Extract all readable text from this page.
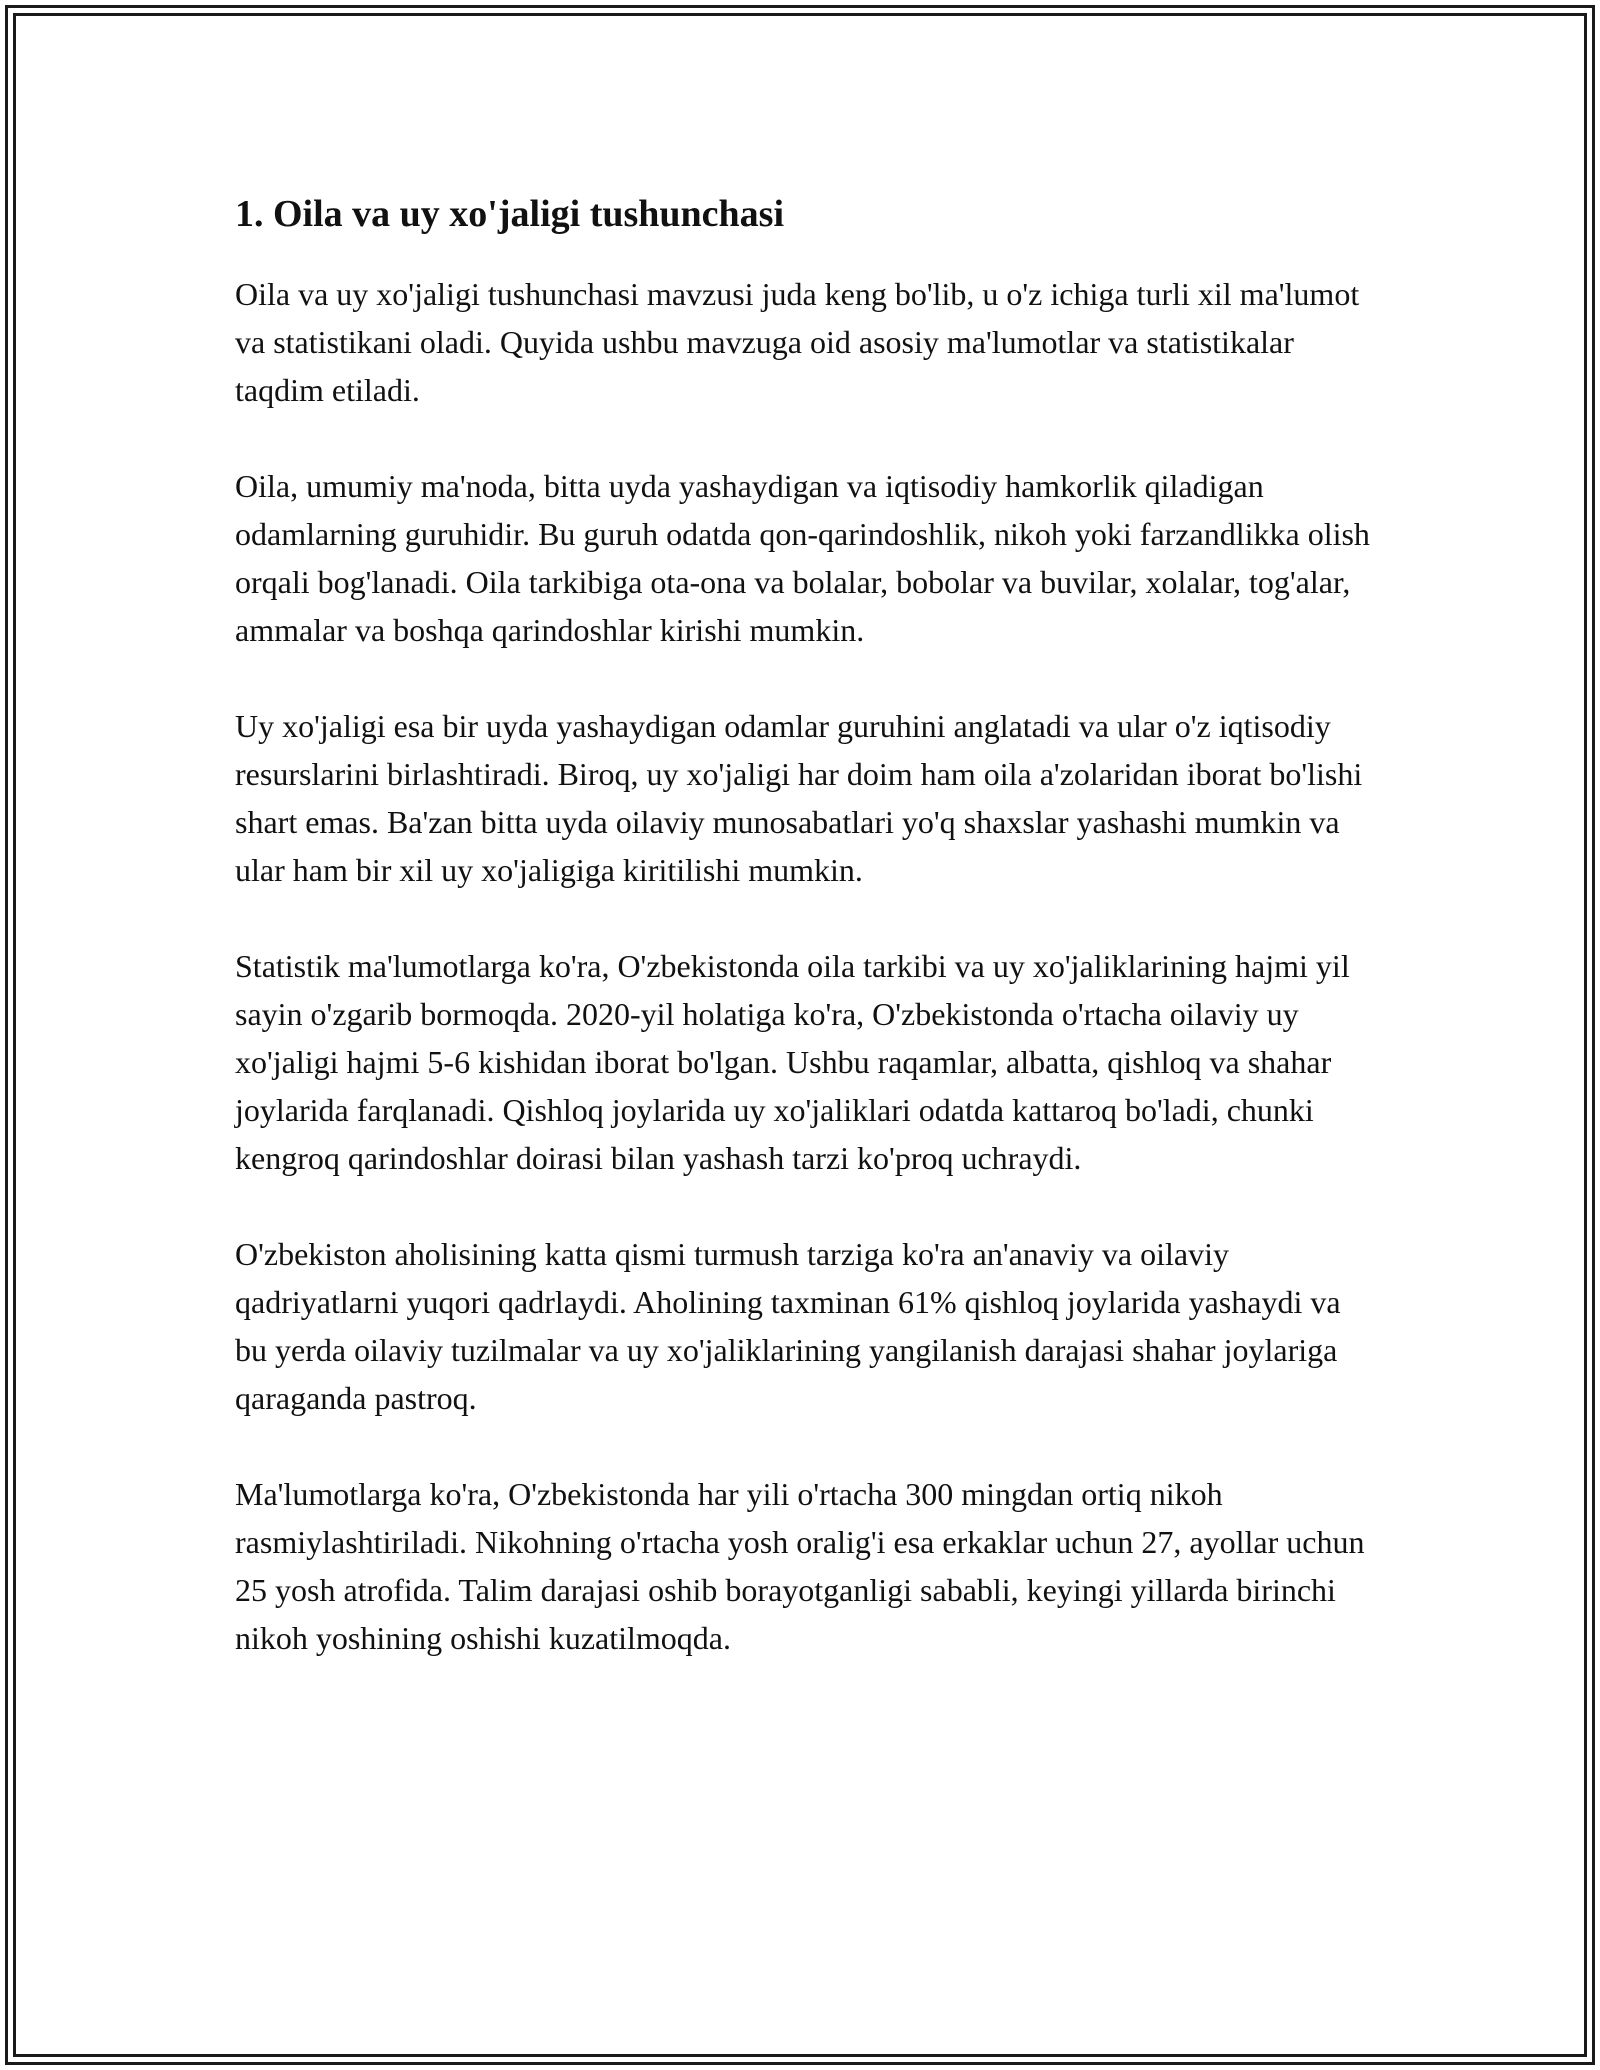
1. Oila va uy xo'jaligi tushunchasi

Oila va uy xo'jaligi tushunchasi mavzusi juda keng bo'lib, u o'z ichiga turli xil ma'lumot va statistikani oladi. Quyida ushbu mavzuga oid asosiy ma'lumotlar va statistikalar taqdim etiladi.

Oila, umumiy ma'noda, bitta uyda yashaydigan va iqtisodiy hamkorlik qiladigan odamlarning guruhidir. Bu guruh odatda qon-qarindoshlik, nikoh yoki farzandlikka olish orqali bog'lanadi. Oila tarkibiga ota-ona va bolalar, bobolar va buvilar, xolalar, tog'alar, ammalar va boshqa qarindoshlar kirishi mumkin.

Uy xo'jaligi esa bir uyda yashaydigan odamlar guruhini anglatadi va ular o'z iqtisodiy resurslarini birlashtiradi. Biroq, uy xo'jaligi har doim ham oila a'zolaridan iborat bo'lishi shart emas. Ba'zan bitta uyda oilaviy munosabatlari yo'q shaxslar yashashi mumkin va ular ham bir xil uy xo'jaligiga kiritilishi mumkin.

Statistik ma'lumotlarga ko'ra, O'zbekistonda oila tarkibi va uy xo'jaliklarining hajmi yil sayin o'zgarib bormoqda. 2020-yil holatiga ko'ra, O'zbekistonda o'rtacha oilaviy uy xo'jaligi hajmi 5-6 kishidan iborat bo'lgan. Ushbu raqamlar, albatta, qishloq va shahar joylarida farqlanadi. Qishloq joylarida uy xo'jaliklari odatda kattaroq bo'ladi, chunki kengroq qarindoshlar doirasi bilan yashash tarzi ko'proq uchraydi.

O'zbekiston aholisining katta qismi turmush tarziga ko'ra an'anaviy va oilaviy qadriyatlarni yuqori qadrlaydi. Aholining taxminan 61% qishloq joylarida yashaydi va bu yerda oilaviy tuzilmalar va uy xo'jaliklarining yangilanish darajasi shahar joylariga qaraganda pastroq.

Ma'lumotlarga ko'ra, O'zbekistonda har yili o'rtacha 300 mingdan ortiq nikoh rasmiylashtiriladi. Nikohning o'rtacha yosh oralig'i esa erkaklar uchun 27, ayollar uchun 25 yosh atrofida. Talim darajasi oshib borayotganligi sababli, keyingi yillarda birinchi nikoh yoshining oshishi kuzatilmoqda.
